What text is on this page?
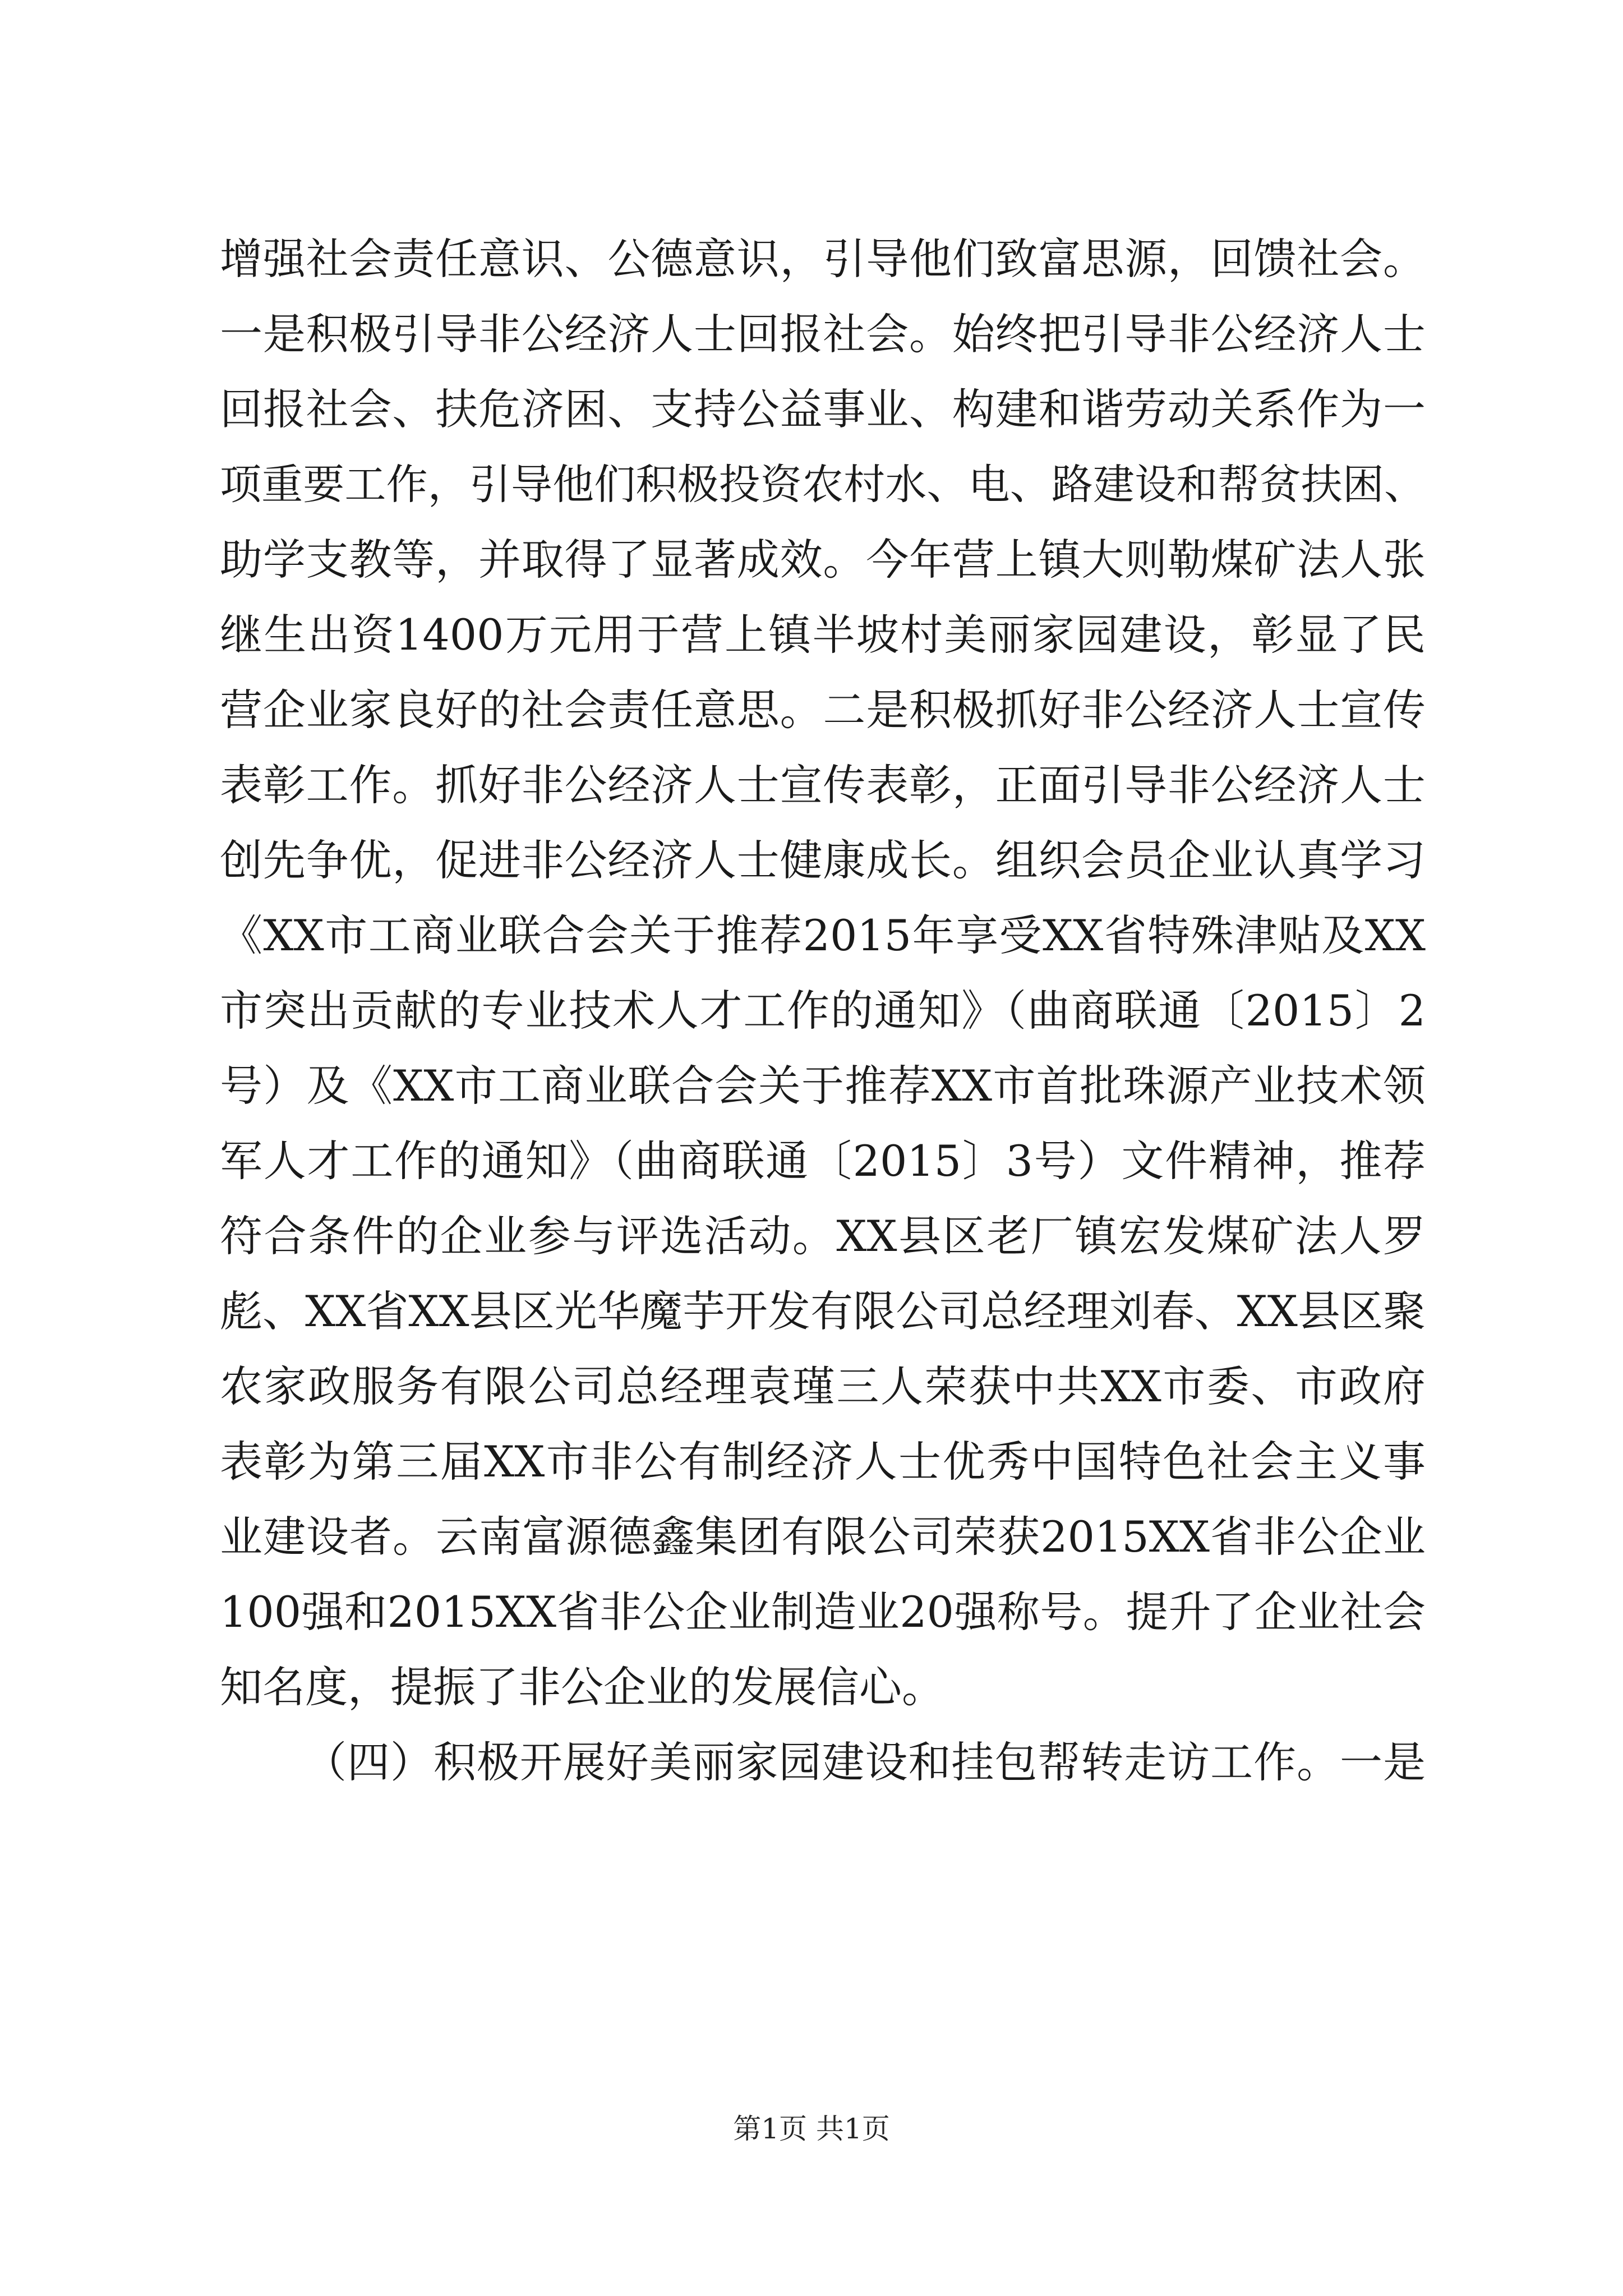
增强社会责任意识、公德意识，引导他们致富思源，回馈社会。
一是积极引导非公经济人士回报社会。始终把引导非公经济人士
回报社会、扶危济困、支持公益事业、构建和谐劳动关系作为一
项重要工作，引导他们积极投资农村水、电、路建设和帮贫扶困、
助学支教等，并取得了显著成效。今年营上镇大则勒煤矿法人张
继生出资1400万元用于营上镇半坡村美丽家园建设，彰显了民
营企业家良好的社会责任意思。二是积极抓好非公经济人士宣传
表彰工作。抓好非公经济人士宣传表彰，正面引导非公经济人士
创先争优，促进非公经济人士健康成长。组织会员企业认真学习
《XX市工商业联合会关于推荐2015年享受XX省特殊津贴及XX
市突出贡献的专业技术人才工作的通知》（曲商联通〔2015〕2
号）及《XX市工商业联合会关于推荐XX市首批珠源产业技术领
军人才工作的通知》（曲商联通〔2015〕3号）文件精神，推荐
符合条件的企业参与评选活动。XX县区老厂镇宏发煤矿法人罗
彪、XX省XX县区光华魔芋开发有限公司总经理刘春、XX县区聚
农家政服务有限公司总经理袁瑾三人荣获中共XX市委、市政府
表彰为第三届XX市非公有制经济人士优秀中国特色社会主义事
业建设者。云南富源德鑫集团有限公司荣获2015XX省非公企业
100强和2015XX省非公企业制造业20强称号。提升了企业社会
知名度，提振了非公企业的发展信心。
（四）积极开展好美丽家园建设和挂包帮转走访工作。一是
第1页 共1页
